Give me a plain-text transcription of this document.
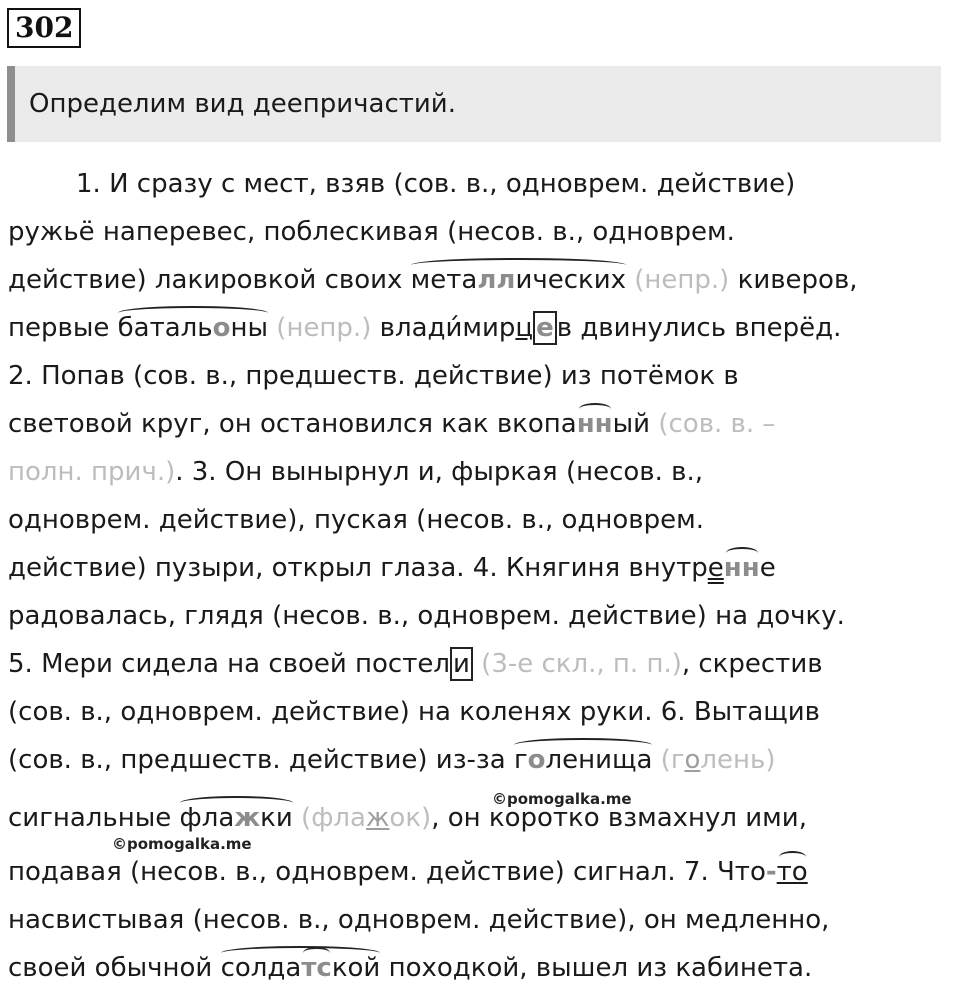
302
Определим вид деепричастий.
1. И сразу с мест, взяв (сов. в., одноврем. действие)
ружьё наперевес, поблескивая (несов. в., одноврем.
действие) лакировкой своих металлических (непр.) киверов,
первые батальоны (непр.) влади́мирц е в двинулись вперёд.
2. Попав (сов. в., предшеств. действие) из потёмок в
световой круг, он остановился как вкопанный (сов. в. –
полн. прич.). 3. Он вынырнул и, фыркая (несов. в.,
одноврем. действие), пуская (несов. в., одноврем.
действие) пузыри, открыл глаза. 4. Княгиня внутренне
радовалась, глядя (несов. в., одноврем. действие) на дочку.
5. Мери сидела на своей постел и (3-е скл., п. п.), скрестив
(сов. в., одноврем. действие) на коленях руки. 6. Вытащив
(сов. в., предшеств. действие) из-за голенища (голень)
©pomogalka.me
сигнальные флажки (флажок), он коротко взмахнул ими,
©pomogalka.me
подавая (несов. в., одноврем. действие) сигнал. 7. Что-то
насвистывая (несов. в., одноврем. действие), он медленно,
своей обычной солдатской походкой, вышел из кабинета.
